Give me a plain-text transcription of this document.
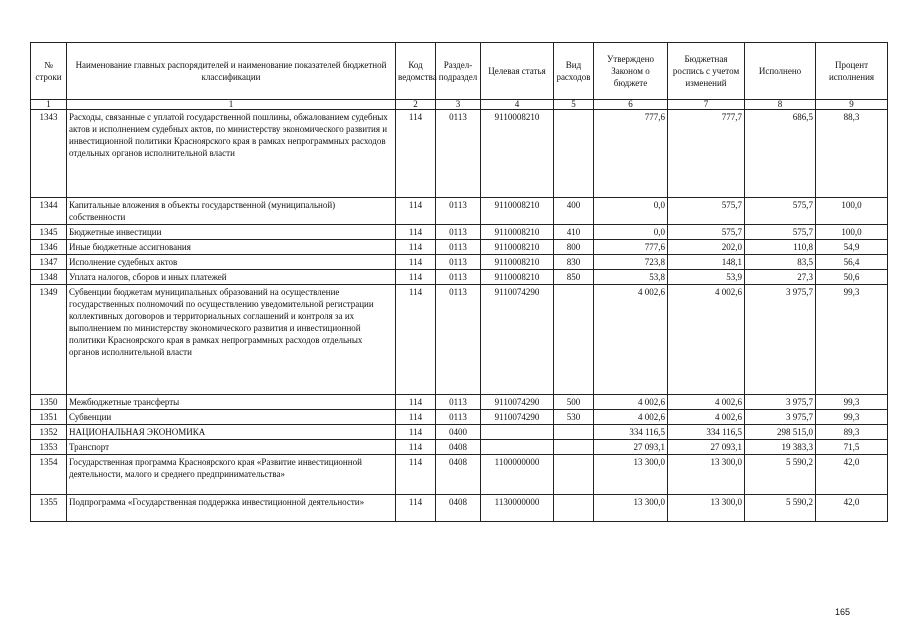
№ строки	Наименование главных распорядителей и наименование показателей бюджетной классификации	Код ведомства	Раздел-подраздел	Целевая статья	Вид расходов	Утверждено Законом о бюджете	Бюджетная роспись с учетом изменений	Исполнено	Процент исполнения
1	1	2	3	4	5	6	7	8	9
1343	Расходы, связанные с уплатой государственной пошлины, обжалованием судебных актов и исполнением судебных актов, по министерству экономического развития и инвестиционной политики Красноярского края в рамках непрограммных расходов отдельных органов исполнительной власти	114	0113	9110008210		777,6	777,7	686,5	88,3
1344	Капитальные вложения в объекты государственной (муниципальной) собственности	114	0113	9110008210	400	0,0	575,7	575,7	100,0
1345	Бюджетные инвестиции	114	0113	9110008210	410	0,0	575,7	575,7	100,0
1346	Иные бюджетные ассигнования	114	0113	9110008210	800	777,6	202,0	110,8	54,9
1347	Исполнение судебных актов	114	0113	9110008210	830	723,8	148,1	83,5	56,4
1348	Уплата налогов, сборов и иных платежей	114	0113	9110008210	850	53,8	53,9	27,3	50,6
1349	Субвенции бюджетам муниципальных образований на осуществление государственных полномочий по осуществлению уведомительной регистрации коллективных договоров и территориальных соглашений и контроля за их выполнением по министерству экономического развития и инвестиционной политики Красноярского края в рамках непрограммных расходов отдельных органов исполнительной власти	114	0113	9110074290		4 002,6	4 002,6	3 975,7	99,3
1350	Межбюджетные трансферты	114	0113	9110074290	500	4 002,6	4 002,6	3 975,7	99,3
1351	Субвенции	114	0113	9110074290	530	4 002,6	4 002,6	3 975,7	99,3
1352	НАЦИОНАЛЬНАЯ ЭКОНОМИКА	114	0400			334 116,5	334 116,5	298 515,0	89,3
1353	Транспорт	114	0408			27 093,1	27 093,1	19 383,3	71,5
1354	Государственная программа Красноярского края «Развитие инвестиционной деятельности, малого и среднего предпринимательства»	114	0408	1100000000		13 300,0	13 300,0	5 590,2	42,0
1355	Подпрограмма «Государственная поддержка инвестиционной деятельности»	114	0408	1130000000		13 300,0	13 300,0	5 590,2	42,0
165
